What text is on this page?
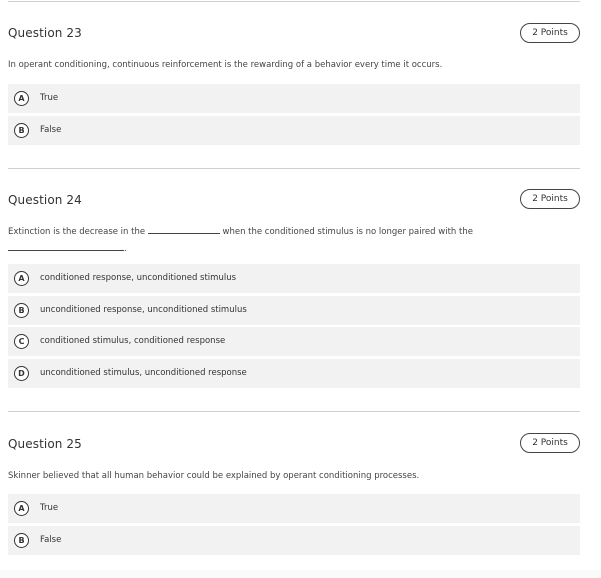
Question 23	2 Points
In operant conditioning, continuous reinforcement is the rewarding of a behavior every time it occurs.
A	True
B	False
Question 24	2 Points
Extinction is the decrease in the	when the conditioned stimulus is no longer paired with the
.
A	conditioned response, unconditioned stimulus
B	unconditioned response, unconditioned stimulus
C	conditioned stimulus, conditioned response
D	unconditioned stimulus, unconditioned response
Question 25	2 Points
Skinner believed that all human behavior could be explained by operant conditioning processes.
A	True
B	False
